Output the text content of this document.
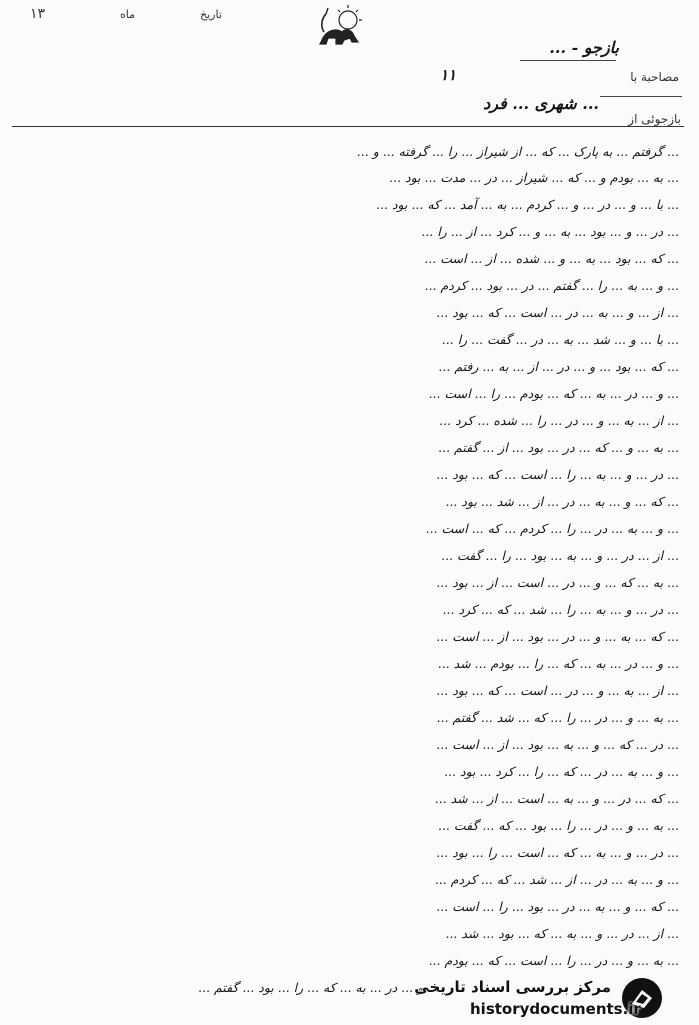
١٣	ماه	تاریخ
مصاحبة با
بازجو - ...
١١
بازجوئی از
... شهری ... فرد
... گرفتم ... به پارک ... که ... از شیراز ... را ... گرفته ... و ...
... به ... بودم و ... که ... شیراز ... در ... مدت ... بود ...
... با ... و ... در ... و ... کردم ... به ... آمد ... که ... بود ...
... در ... و ... بود ... به ... و ... کرد ... از ... را ...
... که ... بود ... به ... و ... شده ... از ... است ...
... و ... به ... را ... گفتم ... در ... بود ... کردم ...
... از ... و ... به ... در ... است ... که ... بود ...
... با ... و ... شد ... به ... در ... گفت ... را ...
... که ... بود ... و ... در ... از ... به ... رفتم ...
... و ... در ... به ... که ... بودم ... را ... است ...
... از ... به ... و ... در ... را ... شده ... کرد ...
... به ... و ... که ... در ... بود ... از ... گفتم ...
... در ... و ... به ... را ... است ... که ... بود ...
... که ... و ... به ... در ... از ... شد ... بود ...
... و ... به ... در ... را ... کردم ... که ... است ...
... از ... در ... و ... به ... بود ... را ... گفت ...
... به ... که ... و ... در ... است ... از ... بود ...
... در ... و ... به ... را ... شد ... که ... کرد ...
... که ... به ... و ... در ... بود ... از ... است ...
... و ... در ... به ... که ... را ... بودم ... شد ...
... از ... به ... و ... در ... است ... که ... بود ...
... به ... و ... در ... را ... که ... شد ... گفتم ...
... در ... که ... و ... به ... بود ... از ... است ...
... و ... به ... در ... که ... را ... کرد ... بود ...
... که ... در ... و ... به ... است ... از ... شد ...
... به ... و ... در ... را ... بود ... که ... گفت ...
... در ... و ... به ... که ... است ... را ... بود ...
... و ... به ... در ... از ... شد ... که ... کردم ...
... که ... و ... به ... در ... بود ... را ... است ...
... از ... در ... و ... به ... که ... بود ... شد ...
... به ... و ... در ... را ... است ... که ... بودم ...
... و ... در ... به ... که ... را ... بود ... گفتم ...
مرکز بررسی اسناد تاریخی
historydocuments.ir
